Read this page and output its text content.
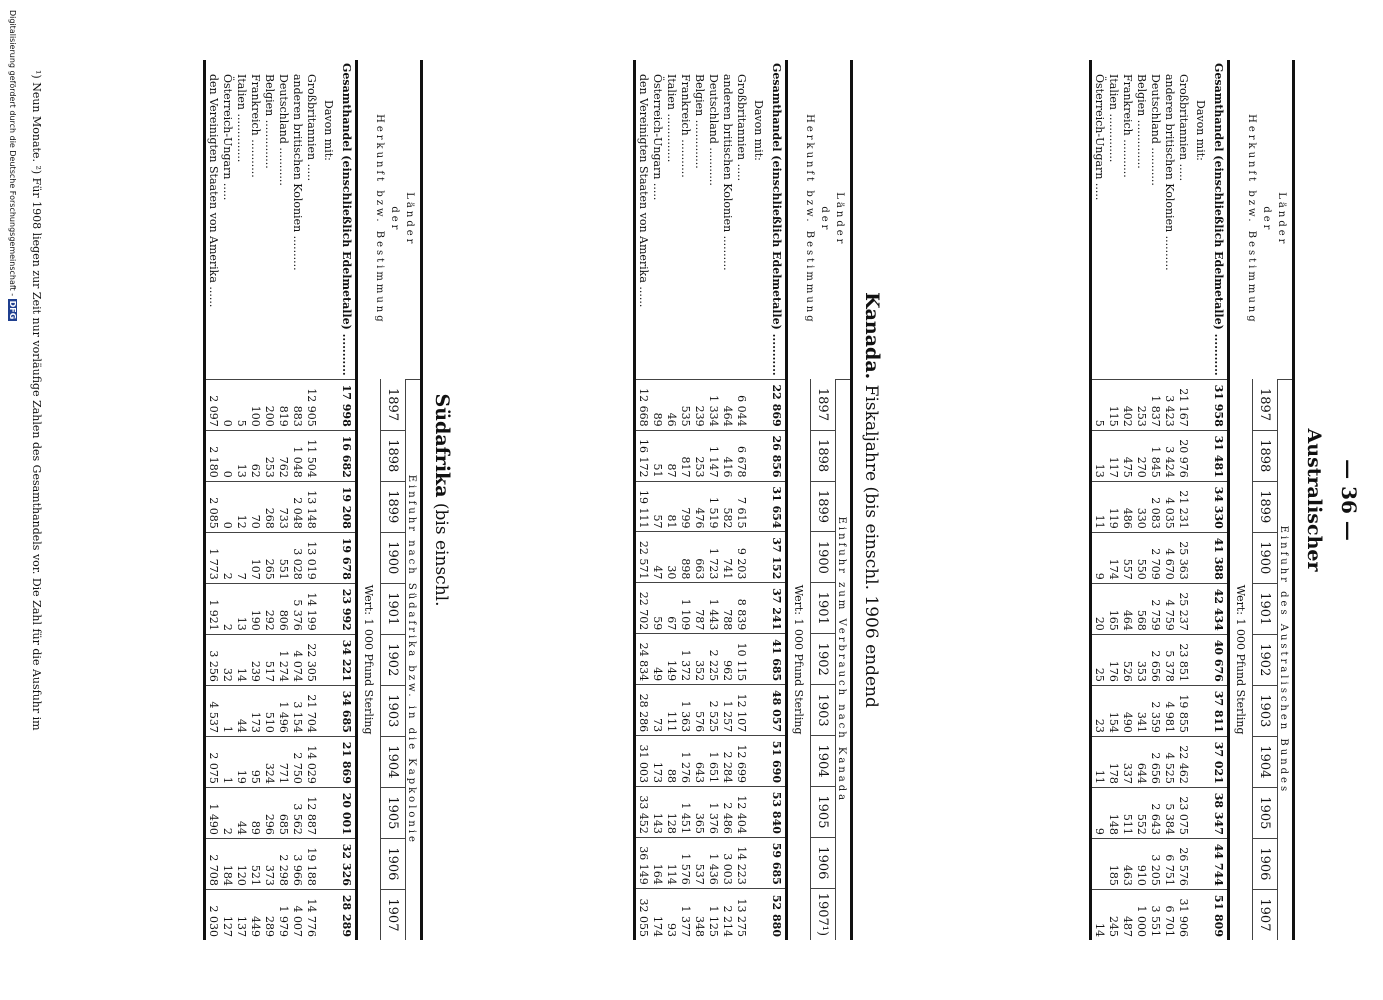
— 36 —
Australischer
Länder
der
Herkunft bzw. Bestimmung	Einfuhr des Australischen Bundes										
	1897	1898	1899	1900	1901	1902	1903	1904	1905	1906	1907
	Wert: 1 000 Pfund Sterling										
Gesamthandel (einschließlich Edelmetalle) ...........	31 958	31 481	34 330	41 388	42 434	40 676	37 811	37 021	38 347	44 744	51 809
Davon mit:											
Großbritannien .....	21 167	20 976	21 231	25 363	25 237	23 851	19 855	22 462	23 075	26 576	31 906
anderen britischen Kolonien ..........	3 423	3 424	4 035	4 670	4 759	5 378	4 981	4 525	5 384	6 751	6 701
Deutschland ...........	1 837	1 845	2 083	2 709	2 759	2 656	2 359	2 656	2 643	3 205	3 551
Belgien ..............	253	270	330	550	568	353	341	644	552	910	1 000
Frankreich ...........	402	475	486	557	464	526	490	337	511	463	487
Italien ..............	115	117	119	174	165	176	154	178	148	185	245
Österreich-Ungarn .....	5	13	11	9	20	25	23	11	9		14
Kanada. Fiskaljahre (bis einschl. 1906 endend
Länder
der
Herkunft bzw. Bestimmung	Einfuhr zum Verbrauch nach Kanada										
	1897	1898	1899	1900	1901	1902	1903	1904	1905	1906	1907¹)
	Wert: 1 000 Pfund Sterling										
Gesamthandel (einschließlich Edelmetalle) ...........	22 869	26 856	31 654	37 152	37 241	41 685	48 057	51 690	53 840	59 685	52 880
Davon mit:											
Großbritannien .....	6 044	6 678	7 615	9 203	8 839	10 115	12 107	12 699	12 404	14 223	13 275
anderen britischen Kolonien ..........	464	416	582	741	788	962	1 257	2 284	2 486	3 003	2 214
Deutschland ...........	1 334	1 147	1 519	1 723	1 443	2 225	2 525	1 651	1 376	1 436	1 125
Belgien ..............	239	253	476	663	787	352	576	643	365	537	348
Frankreich ...........	535	817	799	898	1 109	1 372	1 363	1 276	1 451	1 576	1 377
Italien ..............	46	87	81	30	67	149	111	88	128	114	93
Österreich-Ungarn .....	89	51	57	47	59	49	73	173	143	164	174
den Vereinigten Staaten von Amerika ......	12 668	16 172	19 111	22 571	22 702	24 834	28 286	31 003	33 452	36 149	32 055
Südafrika (bis einschl.
Länder
der
Herkunft bzw. Bestimmung	Einfuhr nach Südafrika bzw. in die Kapkolonie										
	1897	1898	1899	1900	1901	1902	1903	1904	1905	1906	1907
	Wert: 1 000 Pfund Sterling										
Gesamthandel (einschließlich Edelmetalle) ...........	17 998	16 682	19 208	19 678	23 992	34 221	34 685	21 869	20 001	32 326	28 289
Davon mit:											
Großbritannien .....	12 905	11 504	13 148	13 019	14 199	22 305	21 704	14 029	12 887	19 188	14 776
anderen britischen Kolonien ..........	883	1 048	2 048	3 028	5 376	4 074	3 154	2 750	3 562	3 966	4 007
Deutschland ...........	819	762	733	551	806	1 274	1 496	771	685	2 298	1 979
Belgien ..............	200	253	268	265	292	517	510	324	296	373	289
Frankreich ...........	100	62	70	107	190	239	173	95	89	521	449
Italien ..............	5	13	12	7	13	14	44	19	44	120	137
Österreich-Ungarn .....	0	0	0	2	2	32	1	1	2	184	127
den Vereinigten Staaten von Amerika ......	2 097	2 180	2 085	1 773	1 921	3 256	4 537	2 075	1 490	2 708	2 030
¹) Neun Monate. ²) Für 1908 liegen zur Zeit nur vorläufige Zahlen des Gesamthandels vor. Die Zahl für die Ausfuhr im
Digitalisierung gefördert durch die Deutsche Forschungsgemeinschaft - DFG
